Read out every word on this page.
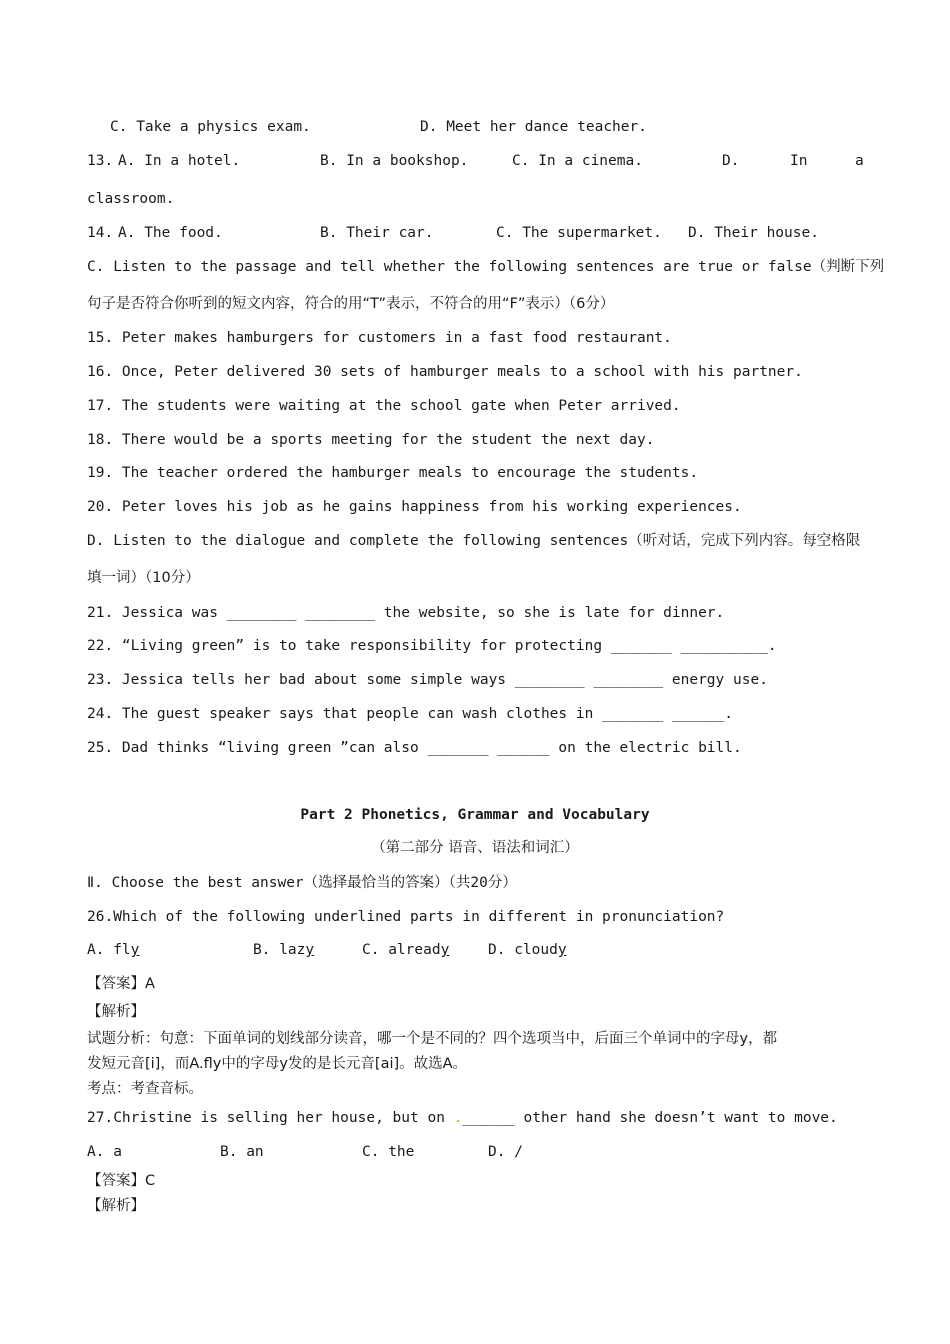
C. Take a physics exam.	D. Meet her dance teacher.
13. A. In a hotel.	B. In a bookshop.	C. In a cinema.	D.	In	a
classroom.
14. A. The food.	B. Their car.	C. The supermarket. D. Their house.
C. Listen to the passage and tell whether the following sentences are true or false（判断下列
句子是否符合你听到的短文内容，符合的用“T”表示，不符合的用“F”表示）（6分）
15. Peter makes hamburgers for customers in a fast food restaurant.
16. Once, Peter delivered 30 sets of hamburger meals to a school with his partner.
17. The students were waiting at the school gate when Peter arrived.
18. There would be a sports meeting for the student the next day.
19. The teacher ordered the hamburger meals to encourage the students.
20. Peter loves his job as he gains happiness from his working experiences.
D. Listen to the dialogue and complete the following sentences（听对话，完成下列内容。每空格限
填一词）（10分）
21. Jessica was ________ ________ the website, so she is late for dinner.
22. “Living green” is to take responsibility for protecting _______ __________.
23. Jessica tells her bad about some simple ways ________ ________ energy use.
24. The guest speaker says that people can wash clothes in _______ ______.
25. Dad thinks “living green ”can also _______ ______ on the electric bill.
Part 2 Phonetics, Grammar and Vocabulary
（第二部分 语音、语法和词汇）
Ⅱ. Choose the best answer（选择最恰当的答案）（共20分）
26.Which of the following underlined parts in different in pronunciation?
A. fly	B. lazy	C. already	D. cloudy
【答案】A
【解析】
试题分析：句意：下面单词的划线部分读音，哪一个是不同的？四个选项当中，后面三个单词中的字母y，都
发短元音[i]，而A.fly中的字母y发的是长元音[ai]。故选A。
考点：考查音标。
27.Christine is selling her house, but on .______ other hand she doesn’t want to move.
A. a	B. an	C. the	D. /
【答案】C
【解析】
